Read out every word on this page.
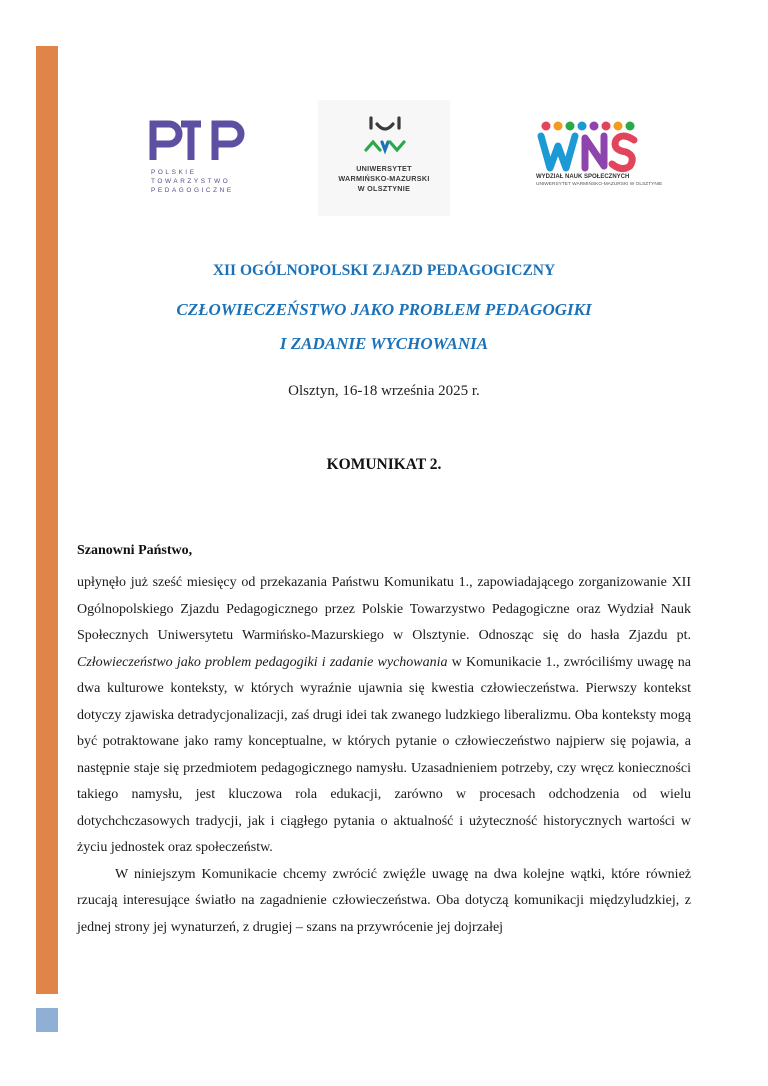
POLSKIE
TOWARZYSTWO
PEDAGOGICZNE
UNIWERSYTET
WARMIŃSKO-MAZURSKI
W OLSZTYNIE
WYDZIAŁ NAUK SPOŁECZNYCH
UNIWERSYTET WARMIŃSKO-MAZURSKI W OLSZTYNIE
XII OGÓLNOPOLSKI ZJAZD PEDAGOGICZNY
CZŁOWIECZEŃSTWO JAKO PROBLEM PEDAGOGIKI
I ZADANIE WYCHOWANIA
Olsztyn, 16-18 września 2025 r.
KOMUNIKAT 2.
Szanowni Państwo,

upłynęło już sześć miesięcy od przekazania Państwu Komunikatu 1., zapowiadającego zorganizowanie XII Ogólnopolskiego Zjazdu Pedagogicznego przez Polskie Towarzystwo Pedagogiczne oraz Wydział Nauk Społecznych Uniwersytetu Warmińsko-Mazurskiego w Olsztynie. Odnosząc się do hasła Zjazdu pt. Człowieczeństwo jako problem pedagogiki i zadanie wychowania w Komunikacie 1., zwróciliśmy uwagę na dwa kulturowe konteksty, w których wyraźnie ujawnia się kwestia człowieczeństwa. Pierwszy kontekst dotyczy zjawiska detradycjonalizacji, zaś drugi idei tak zwanego ludzkiego liberalizmu. Oba konteksty mogą być potraktowane jako ramy konceptualne, w których pytanie o człowieczeństwo najpierw się pojawia, a następnie staje się przedmiotem pedagogicznego namysłu. Uzasadnieniem potrzeby, czy wręcz konieczności takiego namysłu, jest kluczowa rola edukacji, zarówno w procesach odchodzenia od wielu dotychchczasowych tradycji, jak i ciągłego pytania o aktualność i użyteczność historycznych wartości w życiu jednostek oraz społeczeństw.

W niniejszym Komunikacie chcemy zwrócić zwięźle uwagę na dwa kolejne wątki, które również rzucają interesujące światło na zagadnienie człowieczeństwa. Oba dotyczą komunikacji międzyludzkiej, z jednej strony jej wynaturzeń, z drugiej – szans na przywrócenie jej dojrzałej
